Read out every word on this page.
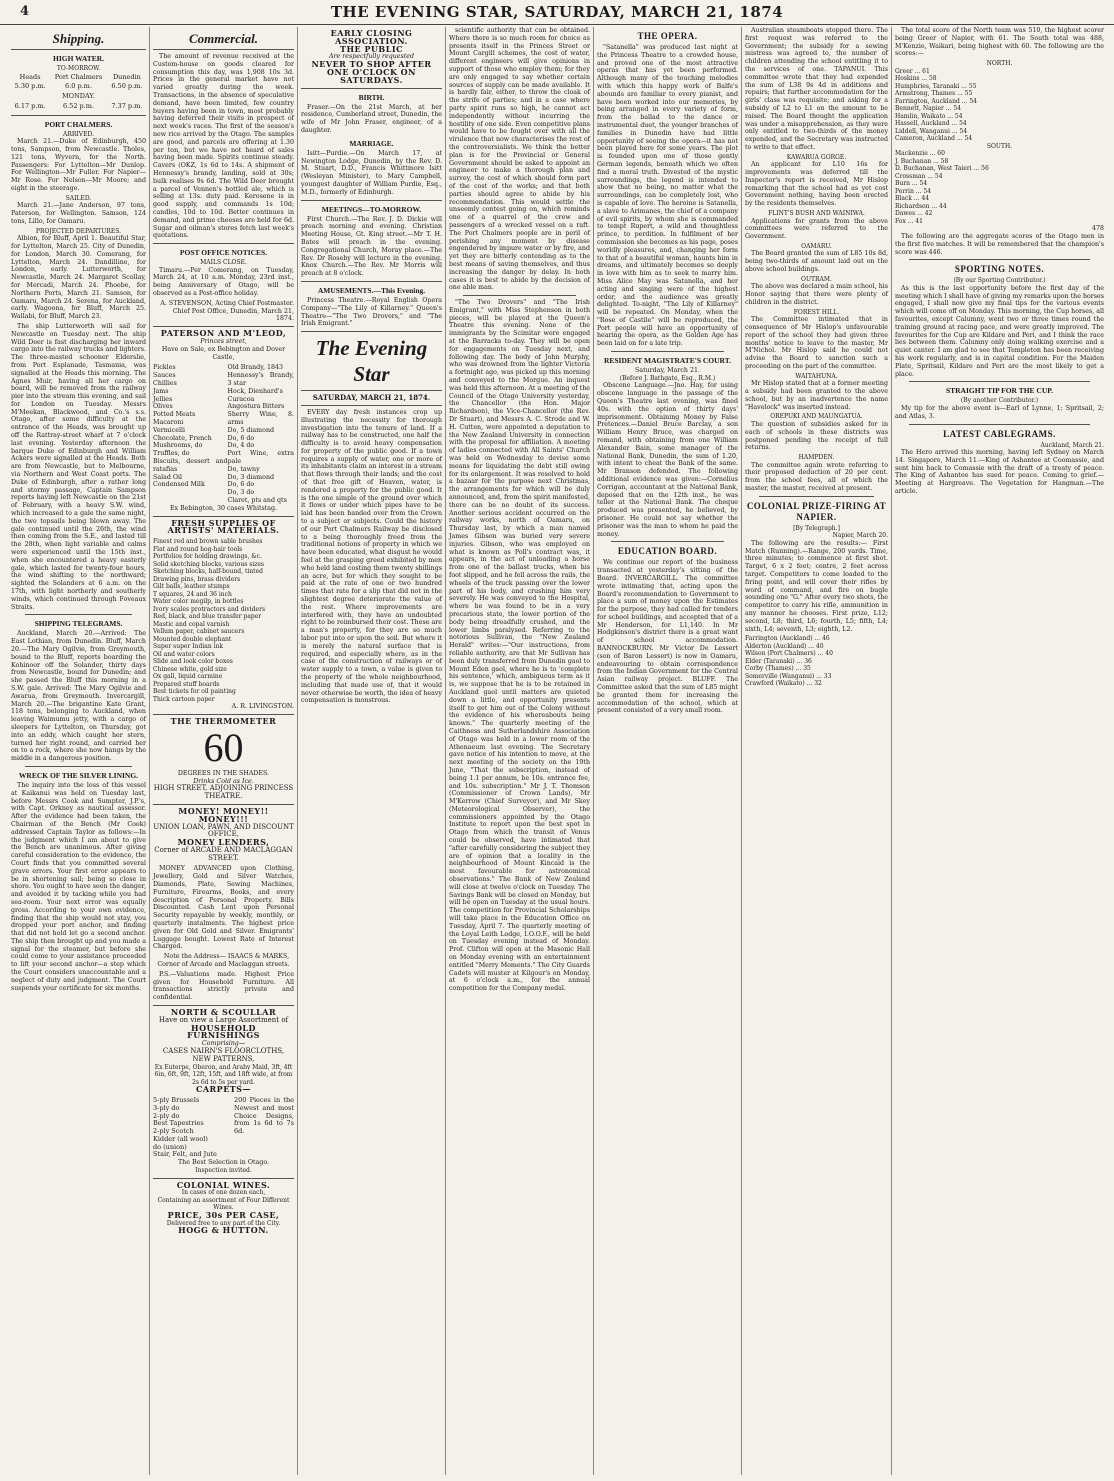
4	THE EVENING STAR, SATURDAY, MARCH 21, 1874
Shipping.
HIGH WATER.
TO-MORROW.
Heads	Port Chalmers	Dunedin
5.30 p.m.	6.0 p.m.	6.50 p.m.
MONDAY.		
6.17 p.m.	6.52 p.m.	7.37 p.m.
PORT CHALMERS.
ARRIVED.

March 21.—Duke of Edinburgh, 450 tons, Sampson, from Newcastle. Tholes, 121 tons, Wyvern, for the North. Passengers: For Lyttelton—Mr Dunlop. For Wellington—Mr Fuller. For Napier—Mr Rose. For Nelson—Mr Moore; and eight in the steerage.

SAILED.

March 21.—Jane Anderson, 97 tons, Paterson, for Wellington. Samson, 124 tons, Lillo, for Oamaru.

PROJECTED DEPARTURES.

Albion, for Bluff, April 1. Beautiful Star, for Lyttelton, March 25. City of Dunedin, for London, March 30. Comerang, for Lyttelton, March 24. Dandilline, for London, early. Lutterworth, for Newcastle, March 24. Margaret Scollay, for Mercadi, March 24. Phoebe, for Northern Ports, March 21. Samson, for Oamaru, March 24. Serena, for Auckland, early. Wagoona, for Bluff, March 25. Wallabi, for Bluff, March 23.

The ship Lutterworth will sail for Newcastle on Tuesday next. The ship Wild Deer is fast discharging her inward cargo into the railway trucks and lighters. The three-masted schooner Elderslie, from Port Esplanade, Tasmania, was signalled at the Heads this morning. The Agnes Muir, having all her cargo on board, will be removed from the railway pier into the stream this evening, and sail for London on Tuesday. Messrs M'Meekan, Blackwood, and Co.'s s.s. Otago, after some difficulty at the entrance of the Heads, was brought up off the Rattray-street wharf at 7 o'clock last evening. Yesterday afternoon the barque Duke of Edinburgh and William Ackers were signalled at the Heads. Both are from Newcastle, but to Melbourne, via Northern and West Coast ports. The Duke of Edinburgh, after a rather long and stormy passage, Captain Sampson reports having left Newcastle on the 21st of February, with a heavy S.W. wind, which increased to a gale the same night, the two topsails being blown away. The gale continued until the 26th, the wind then coming from the S.E., and lasted till the 28th, when light variable and calms were experienced until the 15th inst., when she encountered a heavy easterly gale, which lasted for twenty-four hours, the wind shifting to the northward; sighted the Solanders at 6 a.m. on the 17th, with light northerly and southerly winds, which continued through Foveaux Straits.

SHIPPING TELEGRAMS.

Auckland, March 20.—Arrived: The East Lothian, from Dunedin. Bluff, March 20.—The Mary Ogilvie, from Greymouth, bound to the Bluff, reports boarding the Kohinoor off the Solander, thirty days from Newcastle, bound for Dunedin; and she passed the Bluff this morning in a S.W. gale. Arrived: The Mary Ogilvie and Awarua, from Greymouth. Invercargill, March 20.—The brigantine Kate Grant, 118 tons, belonging to Auckland, when leaving Waimumu jetty, with a cargo of sleepers for Lyttelton, on Thursday, got into an eddy, which caught her stern, turned her right round, and carried her on to a rock, where she now hangs by the middle in a dangerous position.

WRECK OF THE SILVER LINING.

The inquiry into the loss of this vessel at Kaikanui was held on Tuesday last, before Messrs Cook and Sumpter, J.P.'s, with Capt. Orkney as nautical assessor. After the evidence had been taken, the Chairman of the Bench (Mr Cook) addressed Captain Taylor as follows:—In the judgment which I am about to give the Bench are unanimous. After giving careful consideration to the evidence, the Court finds that you committed several grave errors. Your first error appears to be in shortening sail; being so close in shore. You ought to have seen the danger, and avoided it by tacking while you had sea-room. Your next error was equally gross. According to your own evidence, finding that the ship would not stay, you dropped your port anchor, and finding that did not hold let go a second anchor. The ship then brought up and you made a signal for the steamer, but before she could come to your assistance proceeded to lift your second anchor—a step which the Court considers unaccountable and a neglect of duty and judgment. The Court suspends your certificate for six months.

Commercial.

The amount of revenue received at the Custom-house on goods cleared for consumption this day, was 1,908 10s 3d. Prices in the general market have not varied greatly during the week. Transactions, in the absence of speculative demand, have been limited, few country buyers having been in town, most probably having deferred their visits in prospect of next week's races. The first of the season's new rice arrived by the Otago. The samples are good, and parcels are offering at 1.30 per ton, but we have not heard of sales having been made. Spirits continue steady. Cavers (OKZ, 1s 6d to 14s. A shipment of Hennessy's brandy, landing, sold at 30s; bulk realises 9s 6d. The Wild Deer brought a parcel of Vennen's bottled ale, which is selling at 13s. duty paid. Kerosene is in good supply, and commands 1s 10d; candles, 10d to 10d. Better continues in demand, and prime cheeses are held for 6d. Sugar and oilman's stores fetch last week's quotations.

POST OFFICE NOTICES.
MAILS CLOSE.

Timaru.—Per Comerang, on Tuesday, March 24, at 10 a.m. Monday, 23rd inst., being Anniversary of Otago, will be observed as a Post-office holiday.

A. STEVENSON, Acting Chief Postmaster. Chief Post Office, Dunedin, March 21, 1874.

PATERSON AND M'LEOD,
Princes street,
Have on Sale, ex Bebington and Dover Castle,
Pickles
Sauces
Chillies
Jams
Jellies
Olives
Potted Meats
Macaroni
Vermicelli
Chocolate, French
Mushrooms, do
Truffles, do
Biscuits, dessert and ratafias
Salad Oil
Condensed Milk
Old Brandy, 1843
Hennessy's Brandy, 3 star
Hock, Dienhard's
Curacoa
Angostura Bitters
Sherry Wine, 8. arms
Do, 5 diamond
Do, 6 do
Do, 4 do
Port Wine, extra pale
Do, tawny
Do, 3 diamond
Do, 6 do
Do, 3 do
Claret, pts and qts
Ex Bebington, 30 cases Whitstag.
FRESH SUPPLIES OF ARTISTS' MATERIALS.
Finest red and brown sable brushes
Flat and round hog-hair tools
Portfolios for holding drawings, &c.
Solid sketching blocks, various sizes
Sketching blocks, half-bound, tinted
Drawing pins, brass dividers
Gilt balls, leather stumps
T squares, 24 and 36 inch
Water color megilp, in bottles
Ivory scales protractors and dividers
Red, black, and blue transfer paper
Mastic and copal varnish
Vellum paper, cabinet saucers
Mounted double elephant
Super super Indian ink
Oil and water colors
Slide and look color boxes
Chinese white, gold size
Ox gall, liquid carmine
Prepared stuff boards
Best tickets for oil painting
Thick cartoon paper
A. R. LIVINGSTON.
THE THERMOMETER
60
DEGREES IN THE SHADES.
Drinks Cold as Ice.
HIGH STREET, ADJOINING PRINCESS THEATRE.
MONEY! MONEY!! MONEY!!!
UNION LOAN, PAWN, AND DISCOUNT OFFICE,
MONEY LENDERS,
Corner of ARCADE AND MACLAGGAN STREET.

MONEY ADVANCED upon Clothing, Jewellery, Gold and Silver Watches, Diamonds, Plate, Sewing Machines, Furniture, Firearms, Books, and every description of Personal Property. Bills Discounted. Cash Lent upon Personal Security repayable by weekly, monthly, or quarterly instalments. The highest price given for Old Gold and Silver. Emigrants' Luggage bought. Lowest Rate of Interest Charged.

Note the Address— ISAACS & MARKS, Corner of Arcade and Maclaggan streets.

P.S.—Valuations made. Highest Price given for Household Furniture. All transactions strictly private and confidential.

NORTH & SCOULLAR
Have on view a Large Assortment of
HOUSEHOLD FURNISHINGS
Comprising—
CASES NAIRN'S FLOORCLOTHS, NEW PATTERNS,
Ex Euterpe, Oberon, and Araby Maid, 3ft, 4ft 6in, 6ft, 9ft, 12ft, 15ft, and 18ft wide, at from 2s 6d to 5s per yard.
CARPETS—
5-ply Brussels
3-ply do
2-ply do
Best Tapestries
2-ply Scotch
Kidder (all wool)
do (union)
Stair, Felt, and Jute
200 Pieces in the Newest and most Choice Designs, from 1s 6d to 7s 6d.
The Best Selection in Otago.
Inspection invited.
COLONIAL WINES.
In cases of one dozen each,
Containing an assortment of Four Different Wines.
PRICE, 30s PER CASE,
Delivered free to any part of the City.
HOGG & HUTTON.
EARLY CLOSING ASSOCIATION.
THE PUBLIC
Are respectfully requested
NEVER TO SHOP AFTER
ONE O'CLOCK ON SATURDAYS.
BIRTH.

Fraser.—On the 21st March, at her residence, Cumberland street, Dunedin, the wife of Mr John Fraser, engineer, of a daughter.

MARRIAGE.

Isitt—Purdie.—On March 17, at Newington Lodge, Dunedin, by the Rev. D. M. Stuart, D.D., Francis Whittmore Isitt (Wesleyan Minister), to Mary Campbell, youngest daughter of William Purdie, Esq., M.D., formerly of Edinburgh.

MEETINGS—TO-MORROW.

First Church.—The Rev. J. D. Dickie will preach morning and evening. Christian Meeting House, Gt. King street.—Mr T. H. Bates will preach in the evening. Congregational Church, Moray place.—The Rev. Dr Roseby will lecture in the evening. Knox Church.—The Rev. Mr Morris will preach at 8 o'clock.

AMUSEMENTS.—This Evening.

Princess Theatre.—Royal English Opera Company—"The Lily of Killarney." Queen's Theatre—"The Two Drovers," and "The Irish Emigrant."

The Evening Star
SATURDAY, MARCH 21, 1874.

EVERY day fresh instances crop up illustrating the necessity for thorough investigation into the tenure of land. If a railway has to be constructed, one half the difficulty is to avoid heavy compensation for property of the public good. If a town requires a supply of water, one or more of its inhabitants claim an interest in a stream that flows through their lands; and the cost of that free gift of Heaven, water, is rendered a property for the public good. It is the one simple of the ground over which it flows or under which pipes have to be laid has been handed over from the Crown to a subject or subjects. Could the history of our Port Chalmers Railway be disclosed to a being thoroughly freed from the traditional notions of property in which we have been educated, what disgust he would feel at the grasping greed exhibited by men who held land costing them twenty shillings an acre, but for which they sought to be paid at the rate of one or two hundred times that rate for a slip that did not in the slightest degree deteriorate the value of the rest. Where improvements are interfered with, they have an undoubted right to be reimbursed their cost. These are a man's property, for they are so much labor put into or upon the soil. But where it is merely the natural surface that is required, and especially where, as in the case of the construction of railways or of water supply to a town, a value is given to the property of the whole neighbourhood, including that made use of, that it would never otherwise be worth, the idea of heavy compensation is monstrous.

scientific authority that can be obtained. Where there is so much room for choice as presents itself in the Princes Street or Mount Cargill schemes, the cost of water, different engineers will give opinions in support of those who employ them; for they are only engaged to say whether certain sources of supply can be made available. It is hardly fair, either, to throw the cloak of the strife of parties; and in a case where party spirit runs so high, he cannot act independently without incurring the hostility of one side. Even competitive plans would have to be fought over with all the virulence that now characterises the rest of the controversialists. We think the better plan is for the Provincial or General Government should be asked to appoint an engineer to make a thorough plan and survey, the cost of which should form part of the cost of the works; and that both parties should agree to abide by his recommendation. This would settle the unseemly contest going on, which reminds one of a quarrel of the crew and passengers of a wrecked vessel on a raft. The Port Chalmers people are in peril of perishing any moment by disease engendered by impure water or by fire, and yet they are bitterly contending as to the best means of saving themselves, and thus increasing the danger by delay. In both cases it is best to abide by the decision of one able man.

"The Two Drovers" and "The Irish Emigrant," with Miss Stephenson in both pieces, will be played at the Queen's Theatre this evening. None of the immigrants by the Scimitar were engaged at the Barracks to-day. They will be open for engagements on Tuesday next, and following day. The body of John Murphy, who was drowned from the lighter Victoria a fortnight ago, was picked up this morning and conveyed to the Morgue. An inquest was held this afternoon. At a meeting of the Council of the Otago University yesterday, the Chancellor (the Hon. Major Richardson), the Vice-Chancellor (the Rev. Dr Stuart), and Messrs A. C. Strode and W. H. Cutten, were appointed a deputation to the New Zealand University in connection with the proposal for affiliation. A meeting of ladies connected with All Saints' Church was held on Wednesday to devise some means for liquidating the debt still owing for its enlargement. It was resolved to hold a bazaar for the purpose next Christmas, the arrangements for which will be duly announced, and, from the spirit manifested, there can be no doubt of its success. Another serious accident occurred on the railway works, north of Oamaru, on Thursday last, by which a man named James Gibson was buried very severe injuries. Gibson, who was employed on what is known as Poll's contract was, it appears, in the act of unloading a horse from one of the ballast trucks, when his foot slipped, and he fell across the rails, the wheels of the truck passing over the lower part of his body, and crushing him very severely. He was conveyed to the Hospital, where he was found to be in a very precarious state, the lower portion of the body being dreadfully crushed, and the lower limbs paralysed. Referring to the notorious Sullivan, the "New Zealand Herald" writes:—"Our instructions, from reliable authority, are that Mr Sullivan has been duly transferred from Dunedin gaol to Mount Eden gaol, where he is to 'complete his sentence,' which, ambiguous term as it is, we suppose that he is to be retained in Auckland gaol until matters are quieted down a little, and opportunity presents itself to get him out of the Colony without the evidence of his whereabouts being known." The quarterly meeting of the Caithness and Sutherlandshire Association of Otago was held in a lower room of the Athenaeum last evening. The Secretary gave notice of his intention to move, at the next meeting of the society on the 19th June, "That the subscription, instead of being 1.1 per annum, be 10s. entrance fee, and 10s. subscription." Mr J. T. Thomson (Commissioner of Crown Lands), Mr M'Kerrow (Chief Surveyor), and Mr Skey (Meteorological Observer), the commissioners appointed by the Otago Institute to report upon the best spot in Otago from which the transit of Venus could be observed, have intimated that "after carefully considering the subject they are of opinion that a locality in the neighbourhood of Mount Kincaid is the most favourable for astronomical observations." The Bank of New Zealand will close at twelve o'clock on Tuesday. The Savings Bank will be closed on Monday, but will be open on Tuesday at the usual hours. The competition for Provincial Scholarships will take place in the Education Office on Tuesday, April 7. The quarterly meeting of the Loyal Leith Lodge, I.O.O.F., will be held on Tuesday evening instead of Monday. Prof. Clifton will open at the Masonic Hall on Monday evening with an entertainment entitled "Merry Moments." The City Guards Cadets will muster at Kilgour's on Monday, at 6 o'clock a.m., for the annual competition for the Company medal.

THE OPERA.

"Satanella" was produced last night at the Princess Theatre to a crowded house, and proved one of the most attractive operas that has yet been performed. Although many of the touching melodies with which this happy work of Balfe's abounds are familiar to every pianist, and have been worked into our memories, by being arranged in every variety of form, from the ballad to the dance or instrumental duet, the younger branches of families in Dunedin have had little opportunity of seeing the opera—it has not been played here for some years. The plot is founded upon one of those gently German legends, beneath which we often find a moral truth. Divested of the mystic surroundings, the legend is intended to show that no being, no matter what the surroundings, can be completely lost, who is capable of love. The heroine is Satanella, a slave to Arimanes, the chief of a company of evil spirits, by whom she is commanded to tempt Rupert, a wild and thoughtless prince, to perdition. In fulfilment of her commission she becomes as his page, poses worldly pleasures, and, changing her form to that of a beautiful woman, haunts him in dreams, and ultimately becomes so deeply in love with him as to seek to marry him. Miss Alice May was Satanella, and her acting and singing were of the highest order, and the audience was greatly delighted. To-night, "The Lily of Killarney" will be repeated. On Monday, when the "Rose of Castile" will be reproduced, the Port people will have an opportunity of hearing the opera, as the Golden Age has been laid on for a late trip.

RESIDENT MAGISTRATE'S COURT.
Saturday, March 21.
(Before J. Bathgate, Esq., R.M.)

Obscene Language.—Jno. Hay, for using obscene language in the passage of the Queen's Theatre last evening, was fined 40s. with the option of thirty days' imprisonment. Obtaining Money by False Pretences.—Daniel Bruce Barclay, a son William Henry Bruce, was charged on remand, with obtaining from one William Alexander Bain, some manager of the National Bank, Dunedin, the sum of 1.20, with intent to cheat the Bank of the same. Mr Branson defended. The following additional evidence was given:—Cornelius Corrigan, accountant at the National Bank, deposed that on the 12th inst., he was teller at the National Bank. The cheque produced was presented, he believed, by prisoner. He could not say whether the prisoner was the man to whom he paid the money.

EDUCATION BOARD.

We continue our report of the business transacted at yesterday's sitting of the Board. INVERCARGILL. The committee wrote intimating that, acting upon the Board's recommendation to Government to place a sum of money upon the Estimates for the purpose, they had called for tenders for school buildings, and accepted that of a Mr Henderson, for L1,140. In Mr Hodgkinson's district there is a great want of school accommodation. BANNOCKBURN. Mr Victor De Lessert (son of Baron Lessert) is now in Oamaru, endeavouring to obtain correspondence from the Indian Government for the Central Asian railway project. BLUFF. The Committee asked that the sum of L85 might be granted them for increasing the accommodation of the school, which at present consisted of a very small room.

Australian steamboats stopped there. The first request was referred to the Government; the subsidy for a sewing mistress was agreed to, the number of children attending the school entitling it to the services of one. TAPANUI. This committee wrote that they had expended the sum of L38 9s 4d in additions and repairs; that further accommodation for the girls' class was requisite; and asking for a subsidy of L2 to L1 on the amount to be raised. The Board thought the application was under a misapprehension, as they were only entitled to two-thirds of the money expended, and the Secretary was instructed to write to that effect.

KAWARUA GORGE.

An applicant for L10 16s for improvements was deferred till the Inspector's report is received, Mr Hislop remarking that the school had as yet cost Government nothing, having been erected by the residents themselves.

FLINT'S BUSH AND WAINIWA.

Applications for grants from the above committees were referred to the Government.

OAMARU.

The Board granted the sum of L85 10s 8d, being two-thirds of amount laid out on the above school buildings.

OUTRAM.

The above was declared a main school, his Honor saying that there were plenty of children in the district.

FOREST HILL.

The Committee intimated that in consequence of Mr Hislop's unfavourable report of the school they had given three months' notice to leave to the master, Mr M'Nichol. Mr Hislop said he could not advise the Board to sanction such a proceeding on the part of the committee.

WAITAHUNA.

Mr Hislop stated that at a former meeting a subsidy had been granted to the above school, but by an inadvertence the name "Havelock" was inserted instead.

OREPUKI AND MAUNGATUA.

The question of subsidies asked for in each of schools in these districts was postponed pending the receipt of full returns.

HAMPDEN.

The committee again wrote referring to their proposed deduction of 20 per cent. from the school fees, all of which the master, the master, received at present.

COLONIAL PRIZE-FIRING AT NAPIER.
[By Telegraph.]
Napier, March 20.

The following are the results:— First Match (Running).—Range, 200 yards. Time, three minutes; to commence at first shot. Target, 6 x 2 feet; centre, 2 feet across target. Competitors to come loaded to the firing point, and will cover their rifles by word of command, and fire on bugle sounding one "G." After every two shots, the competitor to carry his rifle, ammunition in any manner he chooses. First prize, L12; second, L8; third, L6; fourth, L5; fifth, L4; sixth, L4; seventh, L3; eighth, L2.

Farrington (Auckland) ... 46
Alderton (Auckland) ... 40
Wilson (Port Chalmers) ... 40
Elder (Taranaki) ... 36
Corby (Thames) ... 35
Somerville (Wanganui) ... 33
Crawford (Waikato) ... 32

The total score of the North team was 510, the highest scorer being Greer of Napier, with 61. The South total was 488, M'Kenzie, Waikari, being highest with 60. The following are the scores:—

NORTH.
Greer ... 61
Hoskins ... 58
Humphries, Taranaki ... 55
Armstrong, Thames ... 55
Farrington, Auckland ... 54
Bennett, Napier ... 54
Hamlin, Waikato ... 54
Hassell, Auckland ... 54
Liddell, Wanganui ... 54
Cameron, Auckland ... 54
SOUTH.
Mackenzie ... 60
J. Buchanan ... 58
D. Buchanan, West Taieri ... 56
Crossman ... 54
Burn ... 54
Perrin ... 54
Black ... 44
Richardson ... 44
Dawes ... 42
Fox ... 41
478

The following are the aggregate scores of the Otago men in the first five matches. It will be remembered that the champion's score was 446.

SPORTING NOTES.
(By our Sporting Contributor.)

As this is the last opportunity before the first day of the meeting which I shall have of giving my remarks upon the horses engaged, I shall now give my final tips for the various events which will come off on Monday. This morning, the Cup horses, all favourites, except Calumny, went two or three times round the training ground at racing pace, and were greatly improved. The favourites for the Cup are Kildare and Peri, and I think the race lies between them. Calumny only doing walking exercise and a quiet canter. I am glad to see that Templeton has been receiving his work regularly, and is in capital condition. For the Maiden Plate, Spritsail, Kildare and Peri are the most likely to get a place.

STRAIGHT TIP FOR THE CUP.
(By another Contributor.)

My tip for the above event is—Earl of Lynne, 1; Spritsail, 2; and Atlas, 3.

LATEST CABLEGRAMS.
Auckland, March 21.

The Hero arrived this morning, having left Sydney on March 14. Singapore, March 11.—King of Ashantee at Coomassie, and sent him back to Comassie with the draft of a treaty of peace. The King of Ashantee has sued for peace. Coming to grief.—Meeting at Hargreave. The Vegetation for Hangman.—The article.
